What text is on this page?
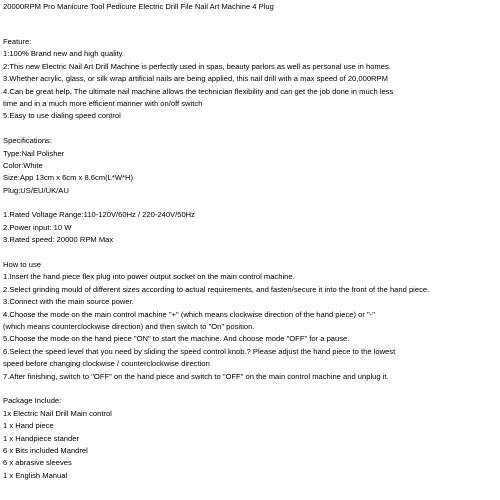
20000RPM Pro Manicure Tool Pedicure Electric Drill File Nail Art Machine 4 Plug
Feature:
1:100% Brand new and high quality.
2:This new Electric Nail Art Drill Machine is perfectly used in spas, beauty parlors as well as personal use in homes.
3.Whether acrylic, glass, or silk wrap artificial nails are being applied, this nail drill with a max speed of 20,000RPM
4.Can be great help. The ultimate nail machine allows the technician flexibility and can get the job done in much less
time and in a much more efficient manner with on/off switch
5.Easy to use dialing speed control
Specifications:
Type:Nail Polisher
Color:White
Size:App 13cm x 6cm x 8.6cm(L*W*H)
Plug:US/EU/UK/AU
1.Rated Voltage Range:110-120V/60Hz / 220-240V/50Hz
2.Power input: 10 W
3.Rated speed: 20000 RPM Max
How to use
1.Insert the hand piece flex plug into power output socket on the main control machine.
2.Select grinding mould of different sizes according to actual requirements, and fasten/secure it into the front of the hand piece.
3.Connect with the main source power.
4.Choose the mode on the main control machine "+" (which means clockwise direction of the hand piece) or "-"
(which means counterclockwise direction) and then switch to "On" position.
5.Choose the mode on the hand piece "ON" to start the machine. And choose mode "OFF" for a pause.
6.Select the speed level that you need by sliding the speed control knob.? Please adjust the hand piece to the lowest
speed before changing clockwise / counterclockwise direction
7.After finishing, switch to "OFF" on the hand piece and switch to "OFF" on the main control machine and unplug it.
Package Include:
1x Electric Nail Drill Main control
1 x Hand piece
1 x Handpiece stander
6 x Bits included Mandrel
6 x abrasive sleeves
1 x English Manual
